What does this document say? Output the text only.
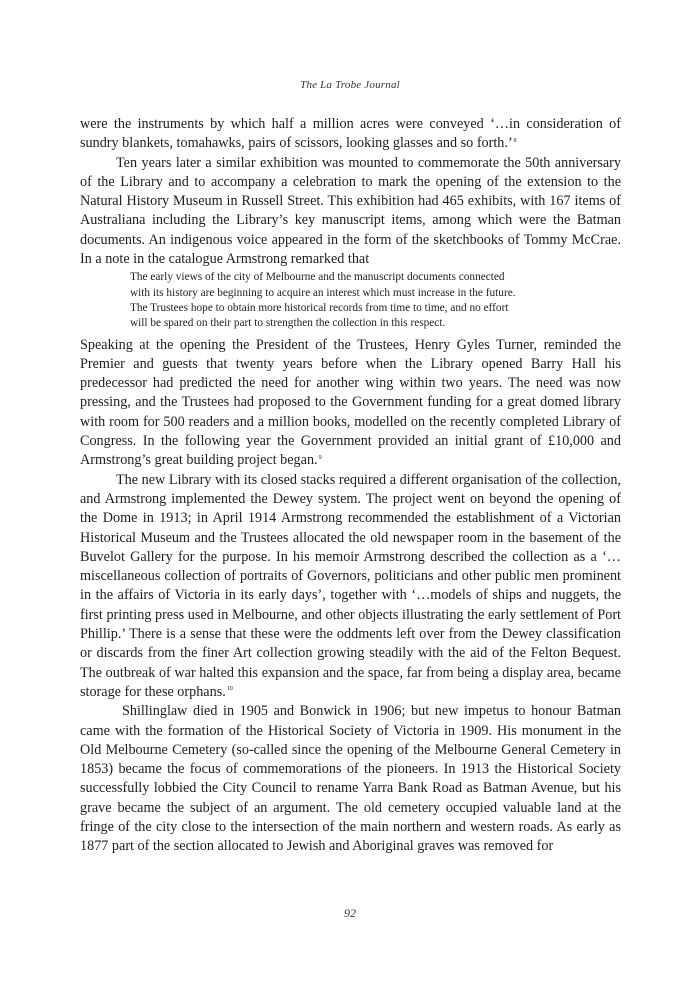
The La Trobe Journal

were the instruments by which half a million acres were conveyed ‘…in consideration of sundry blankets, tomahawks, pairs of scissors, looking glasses and so forth.’$^8$

Ten years later a similar exhibition was mounted to commemorate the 50th anniversary of the Library and to accompany a celebration to mark the opening of the extension to the Natural History Museum in Russell Street. This exhibition had 465 exhibits, with 167 items of Australiana including the Library’s key manuscript items, among which were the Batman documents. An indigenous voice appeared in the form of the sketchbooks of Tommy McCrae. In a note in the catalogue Armstrong remarked that

The early views of the city of Melbourne and the manuscript documents connected
with its history are beginning to acquire an interest which must increase in the future.
The Trustees hope to obtain more historical records from time to time, and no effort
will be spared on their part to strengthen the collection in this respect.

Speaking at the opening the President of the Trustees, Henry Gyles Turner, reminded the Premier and guests that twenty years before when the Library opened Barry Hall his predecessor had predicted the need for another wing within two years. The need was now pressing, and the Trustees had proposed to the Government funding for a great domed library with room for 500 readers and a million books, modelled on the recently completed Library of Congress. In the following year the Government provided an initial grant of £10,000 and Armstrong’s great building project began.$^9$

The new Library with its closed stacks required a different organisation of the collection, and Armstrong implemented the Dewey system. The project went on beyond the opening of the Dome in 1913; in April 1914 Armstrong recommended the establishment of a Victorian Historical Museum and the Trustees allocated the old newspaper room in the basement of the Buvelot Gallery for the purpose. In his memoir Armstrong described the collection as a ‘…miscellaneous collection of portraits of Governors, politicians and other public men prominent in the affairs of Victoria in its early days’, together with ‘…models of ships and nuggets, the first printing press used in Melbourne, and other objects illustrating the early settlement of Port Phillip.’ There is a sense that these were the oddments left over from the Dewey classification or discards from the finer Art collection growing steadily with the aid of the Felton Bequest. The outbreak of war halted this expansion and the space, far from being a display area, became storage for these orphans.$^{10}$

Shillinglaw died in 1905 and Bonwick in 1906; but new impetus to honour Batman came with the formation of the Historical Society of Victoria in 1909. His monument in the Old Melbourne Cemetery (so-called since the opening of the Melbourne General Cemetery in 1853) became the focus of commemorations of the pioneers. In 1913 the Historical Society successfully lobbied the City Council to rename Yarra Bank Road as Batman Avenue, but his grave became the subject of an argument. The old cemetery occupied valuable land at the fringe of the city close to the intersection of the main northern and western roads. As early as 1877 part of the section allocated to Jewish and Aboriginal graves was removed for

92
